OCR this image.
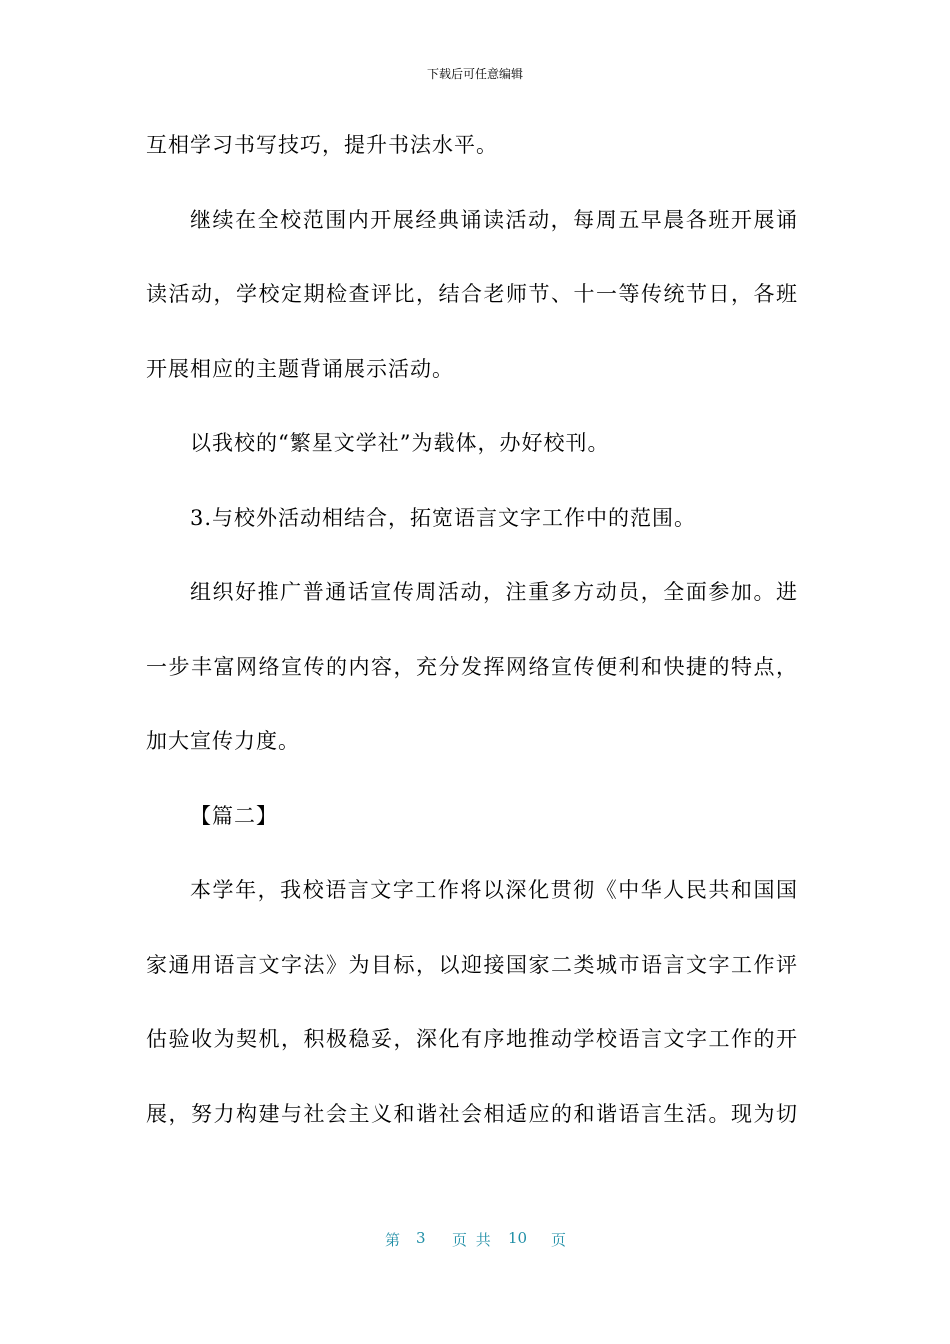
下载后可任意编辑
互相学习书写技巧，提升书法水平。
继续在全校范围内开展经典诵读活动，每周五早晨各班开展诵
读活动，学校定期检查评比，结合老师节、十一等传统节日，各班
开展相应的主题背诵展示活动。
以我校的“繁星文学社”为载体，办好校刊。
3.与校外活动相结合，拓宽语言文字工作中的范围。
组织好推广普通话宣传周活动，注重多方动员，全面参加。进
一步丰富网络宣传的内容，充分发挥网络宣传便利和快捷的特点，
加大宣传力度。
【篇二】
本学年，我校语言文字工作将以深化贯彻《中华人民共和国国
家通用语言文字法》为目标，以迎接国家二类城市语言文字工作评
估验收为契机，积极稳妥，深化有序地推动学校语言文字工作的开
展，努力构建与社会主义和谐社会相适应的和谐语言生活。现为切
第 3 页 共 10 页
